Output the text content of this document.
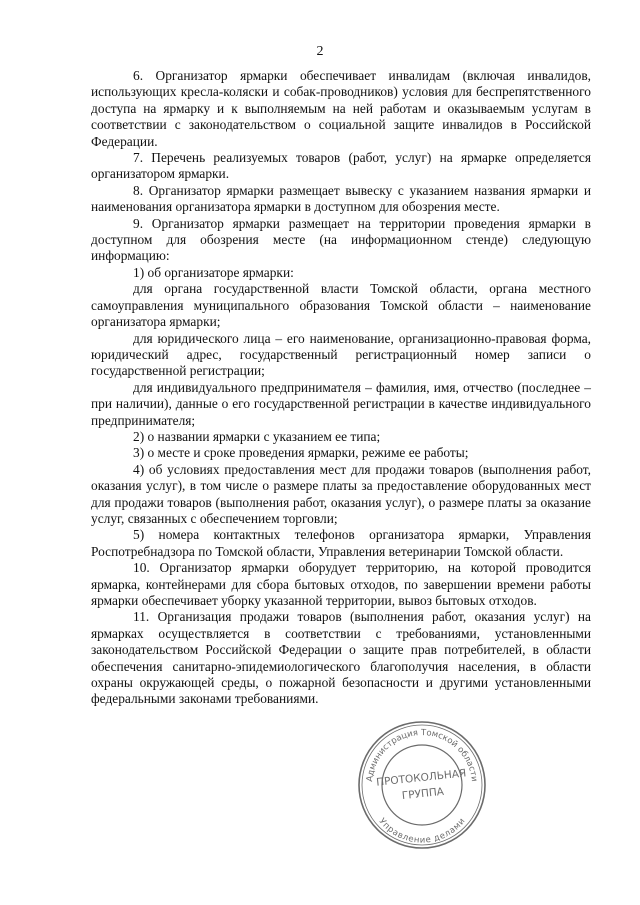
2

6. Организатор ярмарки обеспечивает инвалидам (включая инвалидов, использующих кресла-коляски и собак-проводников) условия для беспрепятственного доступа на ярмарку и к выполняемым на ней работам и оказываемым услугам в соответствии с законодательством о социальной защите инвалидов в Российской Федерации.

7. Перечень реализуемых товаров (работ, услуг) на ярмарке определяется организатором ярмарки.

8. Организатор ярмарки размещает вывеску с указанием названия ярмарки и наименования организатора ярмарки в доступном для обозрения месте.

9. Организатор ярмарки размещает на территории проведения ярмарки в доступном для обозрения месте (на информационном стенде) следующую информацию:

1) об организаторе ярмарки:

для органа государственной власти Томской области, органа местного самоуправления муниципального образования Томской области – наименование организатора ярмарки;

для юридического лица – его наименование, организационно-правовая форма, юридический адрес, государственный регистрационный номер записи о государственной регистрации;

для индивидуального предпринимателя – фамилия, имя, отчество (последнее – при наличии), данные о его государственной регистрации в качестве индивидуального предпринимателя;

2) о названии ярмарки с указанием ее типа;

3) о месте и сроке проведения ярмарки, режиме ее работы;

4) об условиях предоставления мест для продажи товаров (выполнения работ, оказания услуг), в том числе о размере платы за предоставление оборудованных мест для продажи товаров (выполнения работ, оказания услуг), о размере платы за оказание услуг, связанных с обеспечением торговли;

5) номера контактных телефонов организатора ярмарки, Управления Роспотребнадзора по Томской области, Управления ветеринарии Томской области.

10. Организатор ярмарки оборудует территорию, на которой проводится ярмарка, контейнерами для сбора бытовых отходов, по завершении времени работы ярмарки обеспечивает уборку указанной территории, вывоз бытовых отходов.

11. Организация продажи товаров (выполнения работ, оказания услуг) на ярмарках осуществляется в соответствии с требованиями, установленными законодательством Российской Федерации о защите прав потребителей, в области обеспечения санитарно-эпидемиологического благополучия населения, в области охраны окружающей среды, о пожарной безопасности и другими установленными федеральными законами требованиями.

Администрация Томской области
Управление делами
ПРОТОКОЛЬНАЯ
ГРУППА
